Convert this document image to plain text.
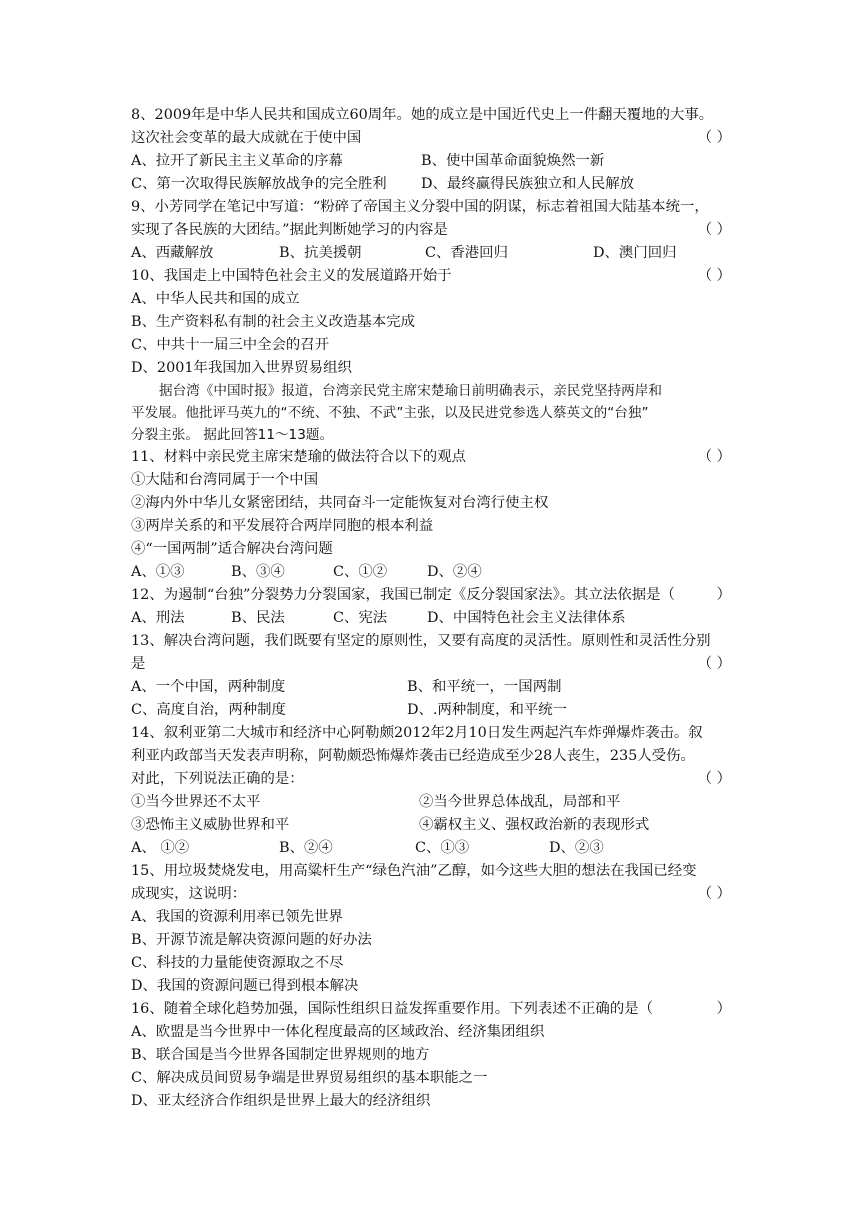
8、2009年是中华人民共和国成立60周年。她的成立是中国近代史上一件翻天覆地的大事。
这次社会变革的最大成就在于使中国	（ ）
A、拉开了新民主主义革命的序幕	B、使中国革命面貌焕然一新
C、第一次取得民族解放战争的完全胜利 D、最终赢得民族独立和人民解放
9、小芳同学在笔记中写道：“粉碎了帝国主义分裂中国的阴谋，标志着祖国大陆基本统一，
实现了各民族的大团结。”据此判断她学习的内容是	（ ）
A、西藏解放	B、抗美援朝	C、香港回归	D、澳门回归
10、我国走上中国特色社会主义的发展道路开始于	（ ）
A、中华人民共和国的成立
B、生产资料私有制的社会主义改造基本完成
C、中共十一届三中全会的召开
D、2001年我国加入世界贸易组织
据台湾《中国时报》报道，台湾亲民党主席宋楚瑜日前明确表示，亲民党坚持两岸和
平发展。他批评马英九的“不统、不独、不武”主张，以及民进党参选人蔡英文的“台独”
分裂主张。 据此回答11～13题。
11、材料中亲民党主席宋楚瑜的做法符合以下的观点	（ ）
①大陆和台湾同属于一个中国
②海内外中华儿女紧密团结，共同奋斗一定能恢复对台湾行使主权
③两岸关系的和平发展符合两岸同胞的根本利益
④“一国两制”适合解决台湾问题
A、①③	B、③④	C、①②	D、②④
12、为遏制“台独”分裂势力分裂国家，我国已制定《反分裂国家法》。其立法依据是（	）
A、刑法	B、民法	C、宪法	D、中国特色社会主义法律体系
13、解决台湾问题，我们既要有坚定的原则性，又要有高度的灵活性。原则性和灵活性分别
是	（ ）
A、一个中国，两种制度	B、和平统一，一国两制
C、高度自治，两种制度	D、.两种制度，和平统一
14、叙利亚第二大城市和经济中心阿勒颇2012年2月10日发生两起汽车炸弹爆炸袭击。叙
利亚内政部当天发表声明称，阿勒颇恐怖爆炸袭击已经造成至少28人丧生，235人受伤。
对此，下列说法正确的是：	（ ）
①当今世界还不太平	②当今世界总体战乱，局部和平
③恐怖主义威胁世界和平	④霸权主义、强权政治新的表现形式
A、 ①②	B、②④	C、①③	D、②③
15、用垃圾焚烧发电，用高粱杆生产“绿色汽油”乙醇，如今这些大胆的想法在我国已经变
成现实，这说明：	（ ）
A、我国的资源利用率已领先世界
B、开源节流是解决资源问题的好办法
C、科技的力量能使资源取之不尽
D、我国的资源问题已得到根本解决
16、随着全球化趋势加强，国际性组织日益发挥重要作用。下列表述不正确的是（	）
A、欧盟是当今世界中一体化程度最高的区域政治、经济集团组织
B、联合国是当今世界各国制定世界规则的地方
C、解决成员间贸易争端是世界贸易组织的基本职能之一
D、亚太经济合作组织是世界上最大的经济组织
